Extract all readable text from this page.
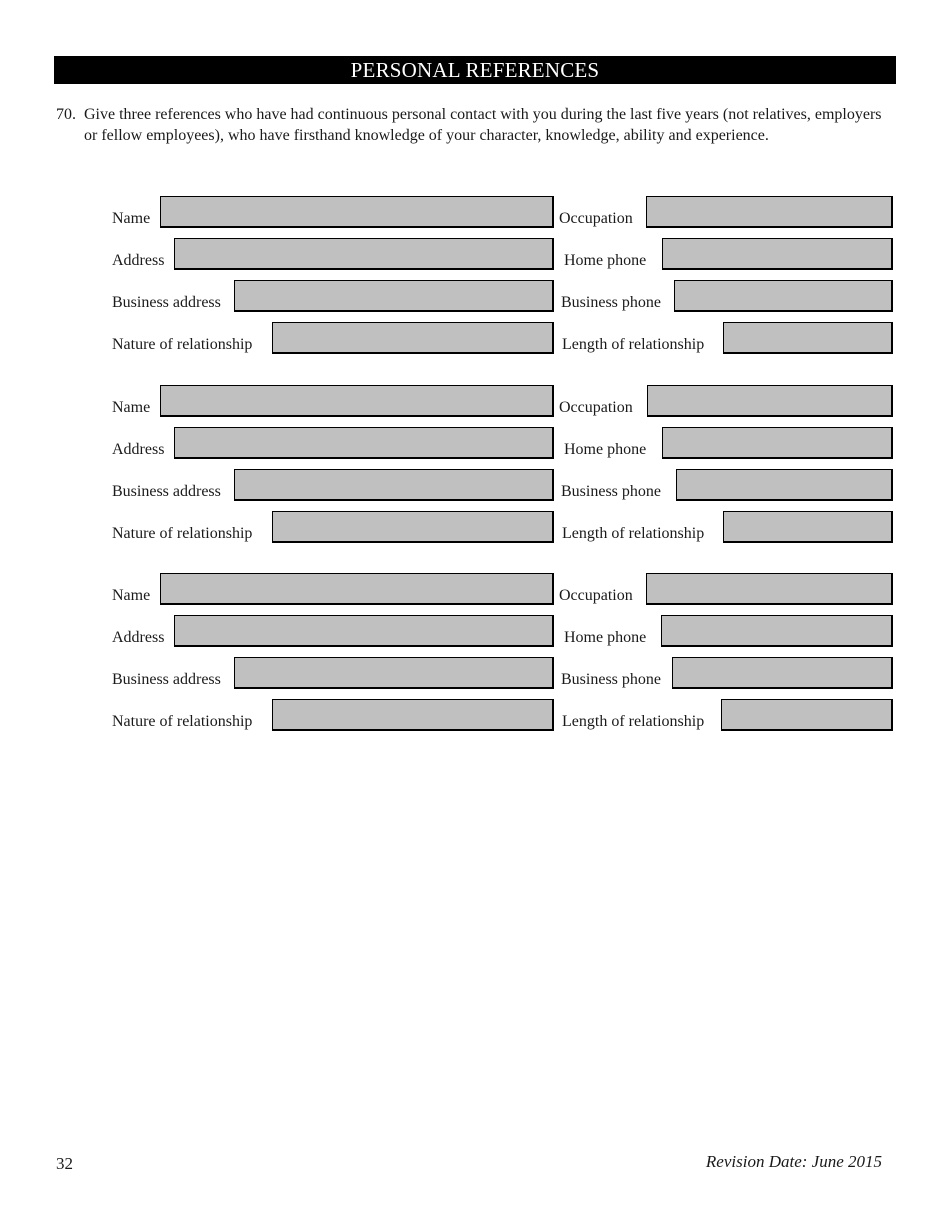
PERSONAL REFERENCES
70. Give three references who have had continuous personal contact with you during the last five years (not relatives, employers or fellow employees), who have firsthand knowledge of your character, knowledge, ability and experience.
Name	Occupation
Address	Home phone
Business address	Business phone
Nature of relationship	Length of relationship
Name	Occupation
Address	Home phone
Business address	Business phone
Nature of relationship	Length of relationship
Name	Occupation
Address	Home phone
Business address	Business phone
Nature of relationship	Length of relationship
32	Revision Date: June 2015
